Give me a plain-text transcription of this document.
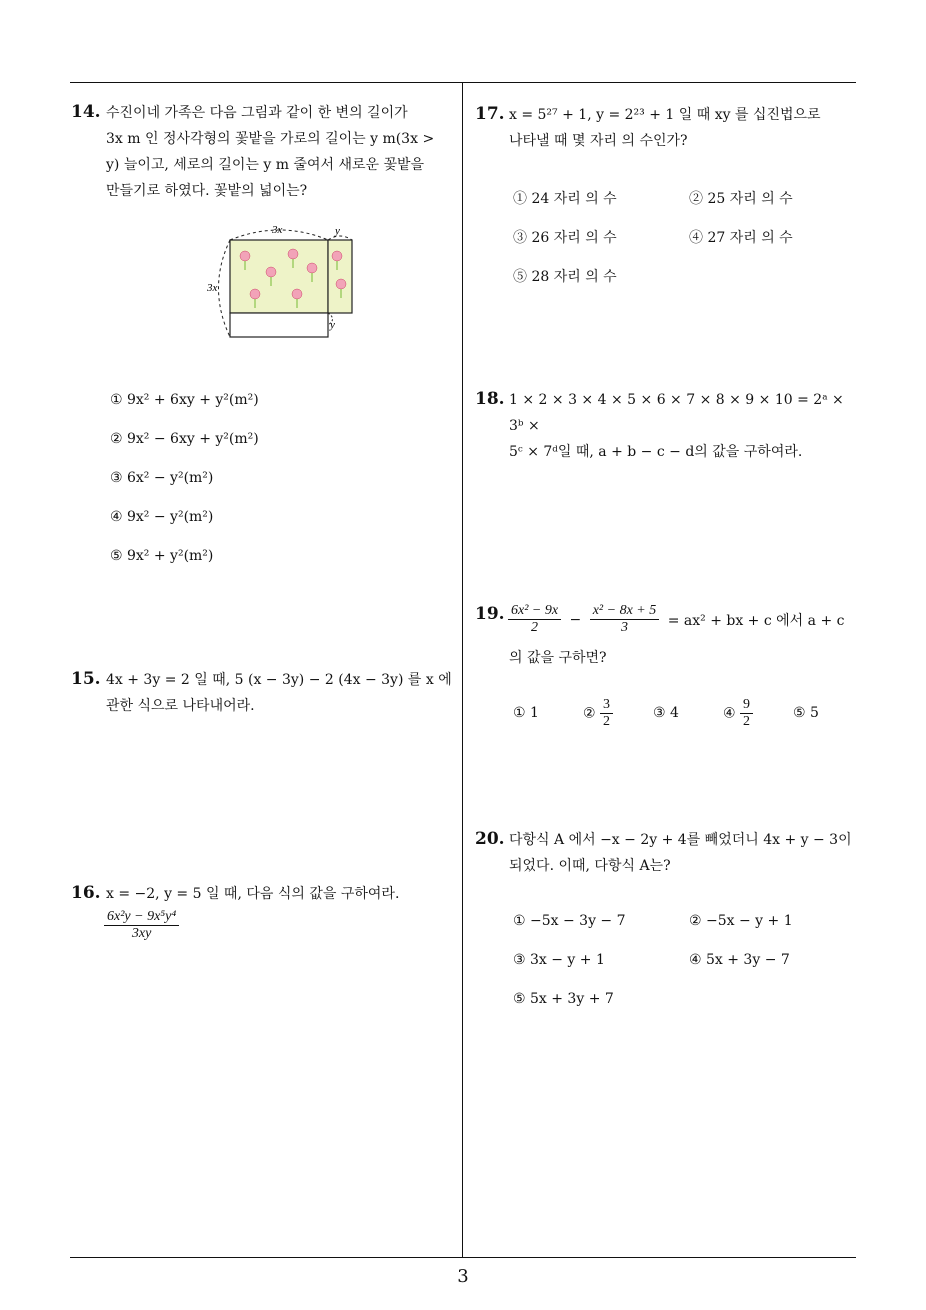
14. 수진이네 가족은 다음 그림과 같이 한 변의 길이가
3x m 인 정사각형의 꽃밭을 가로의 길이는 y m(3x >
y) 늘이고, 세로의 길이는 y m 줄여서 새로운 꽃밭을
만들기로 하였다. 꽃밭의 넓이는?
3x
3x
y
y
① 9x² + 6xy + y²(m²)
② 9x² − 6xy + y²(m²)
③ 6x² − y²(m²)
④ 9x² − y²(m²)
⑤ 9x² + y²(m²)
15. 4x + 3y = 2 일 때, 5 (x − 3y) − 2 (4x − 3y) 를 x 에
관한 식으로 나타내어라.
16. x = −2, y = 5 일 때, 다음 식의 값을 구하여라.
$\frac{\text{6x²y − 9x⁵y⁴}}{3xy}$
17. x = 5²⁷ + 1, y = 2²³ + 1 일 때 xy 를 십진법으로
나타낼 때 몇 자리 의 수인가?
① 24 자리 의 수	② 25 자리 의 수
③ 26 자리 의 수	④ 27 자리 의 수
⑤ 28 자리 의 수
18. 1 × 2 × 3 × 4 × 5 × 6 × 7 × 8 × 9 × 10 = 2ᵃ × 3ᵇ ×
5ᶜ × 7ᵈ일 때, a + b − c − d의 값을 구하여라.
19. $\frac{\text{6x² − 9x}}{2} - \frac{\text{x² − 8x + 5}}{3} = ax^2$ + bx + c 에서 a + c
의 값을 구하면?
① 1	② $\frac{3}{2}$	③ 4	④ $\frac{9}{2}$	⑤ 5
20. 다항식 A 에서 −x − 2y + 4를 빼었더니 4x + y − 3이
되었다. 이때, 다항식 A는?
① −5x − 3y − 7	② −5x − y + 1
③ 3x − y + 1	④ 5x + 3y − 7
⑤ 5x + 3y + 7
3
